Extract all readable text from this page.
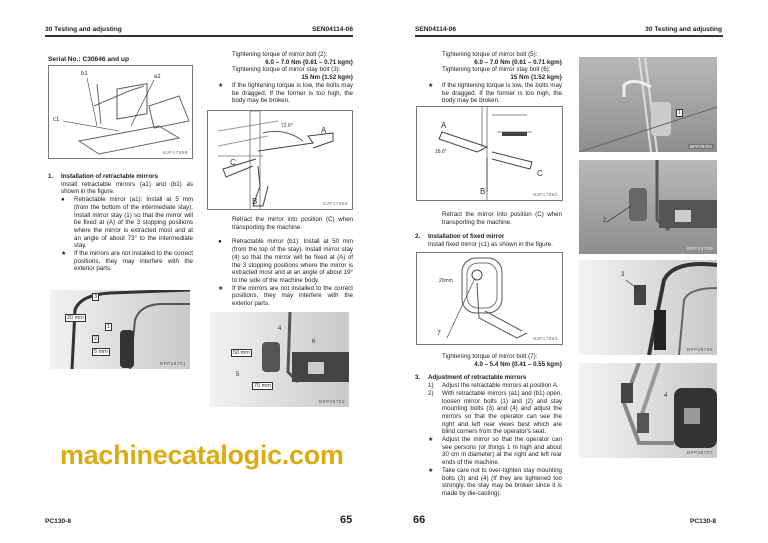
30 Testing and adjusting	SEN04114-06
Serial No.: C30646 and up
b1	a1
c1
8JP17958
1. Installation of retractable mirrors
Install retractable mirrors (a1) and (b1) as shown in the figure.
● Retractable mirror (a1): Install at 5 mm (from the bottom of the intermediate stay). Install mirror stay (1) so that the mirror will be fixed at (A) of the 3 stopping positions where the mirror is extracted most and at an angle of about 73° to the intermediate stay.
★ If the mirrors are not installed to the correct positions, they may interfere with the exterior parts.
3
20 mm
1
2
5 mm
BPP26701
Tightening torque of mirror bolt (2):
6.0 – 7.0 Nm {0.61 – 0.71 kgm}
Tightening torque of mirror stay bolt (3):
15 Nm {1.52 kgm}
★ If the tightening torque is low, the bolts may be dragged. If the former is too high, the body may be broken.
72.6°	A
C
B	8JP17960
Retract the mirror into position (C) when transporting the machine.
● Retractable mirror (b1): Install at 50 mm (from the top of the stay). Install mirror stay (4) so that the mirror will be fixed at (A) of the 3 stopping positions where the mirror is extracted most and at an angle of about 19° to the side of the machine body.
★ If the mirrors are not installed to the correct positions, they may interfere with the exterior parts.
4
6
50 mm
5
70 mm
BPP26702
PC130-8	65
SEN04114-06	30 Testing and adjusting
Tightening torque of mirror bolt (5):
6.0 – 7.0 Nm {0.61 – 0.71 kgm}
Tightening torque of mirror stay bolt (6):
15 Nm {1.52 kgm}
★ If the tightening torque is low, the bolts may be dragged. If the former is too high, the body may be broken.
A
18.6°
C
B	8JP17962
Retract the mirror into position (C) when transporting the machine.
2. Installation of fixed mirror
Install fixed mirror (c1) as shown in the figure.
20mm
7
8JP17963
Tightening torque of mirror bolt (7):
4.0 – 5.4 Nm {0.41 – 0.55 kgm}
3. Adjustment of retractable mirrors
1) Adjust the retractable mirrors at position A.
2) With retractable mirrors (a1) and (b1) open, loosen mirror bolts (1) and (2) and stay mounting bolts (3) and (4) and adjust the mirrors so that the operator can see the right and left rear views best which are blind corners from the operator's seat.
★ Adjust the mirror so that the operator can see persons (or things 1 m high and about 30 cm in diameter) at the right and left rear ends of the machine.
★ Take care not to over-tighten stay mounting bolts (3) and (4) (If they are tightened too strongly, the stay may be broken since it is made by die-casting).
1
BPP26704
2
BPP26706
3
BPP26705
4
BPP26707
66	PC130-8
machinecatalogic.com
